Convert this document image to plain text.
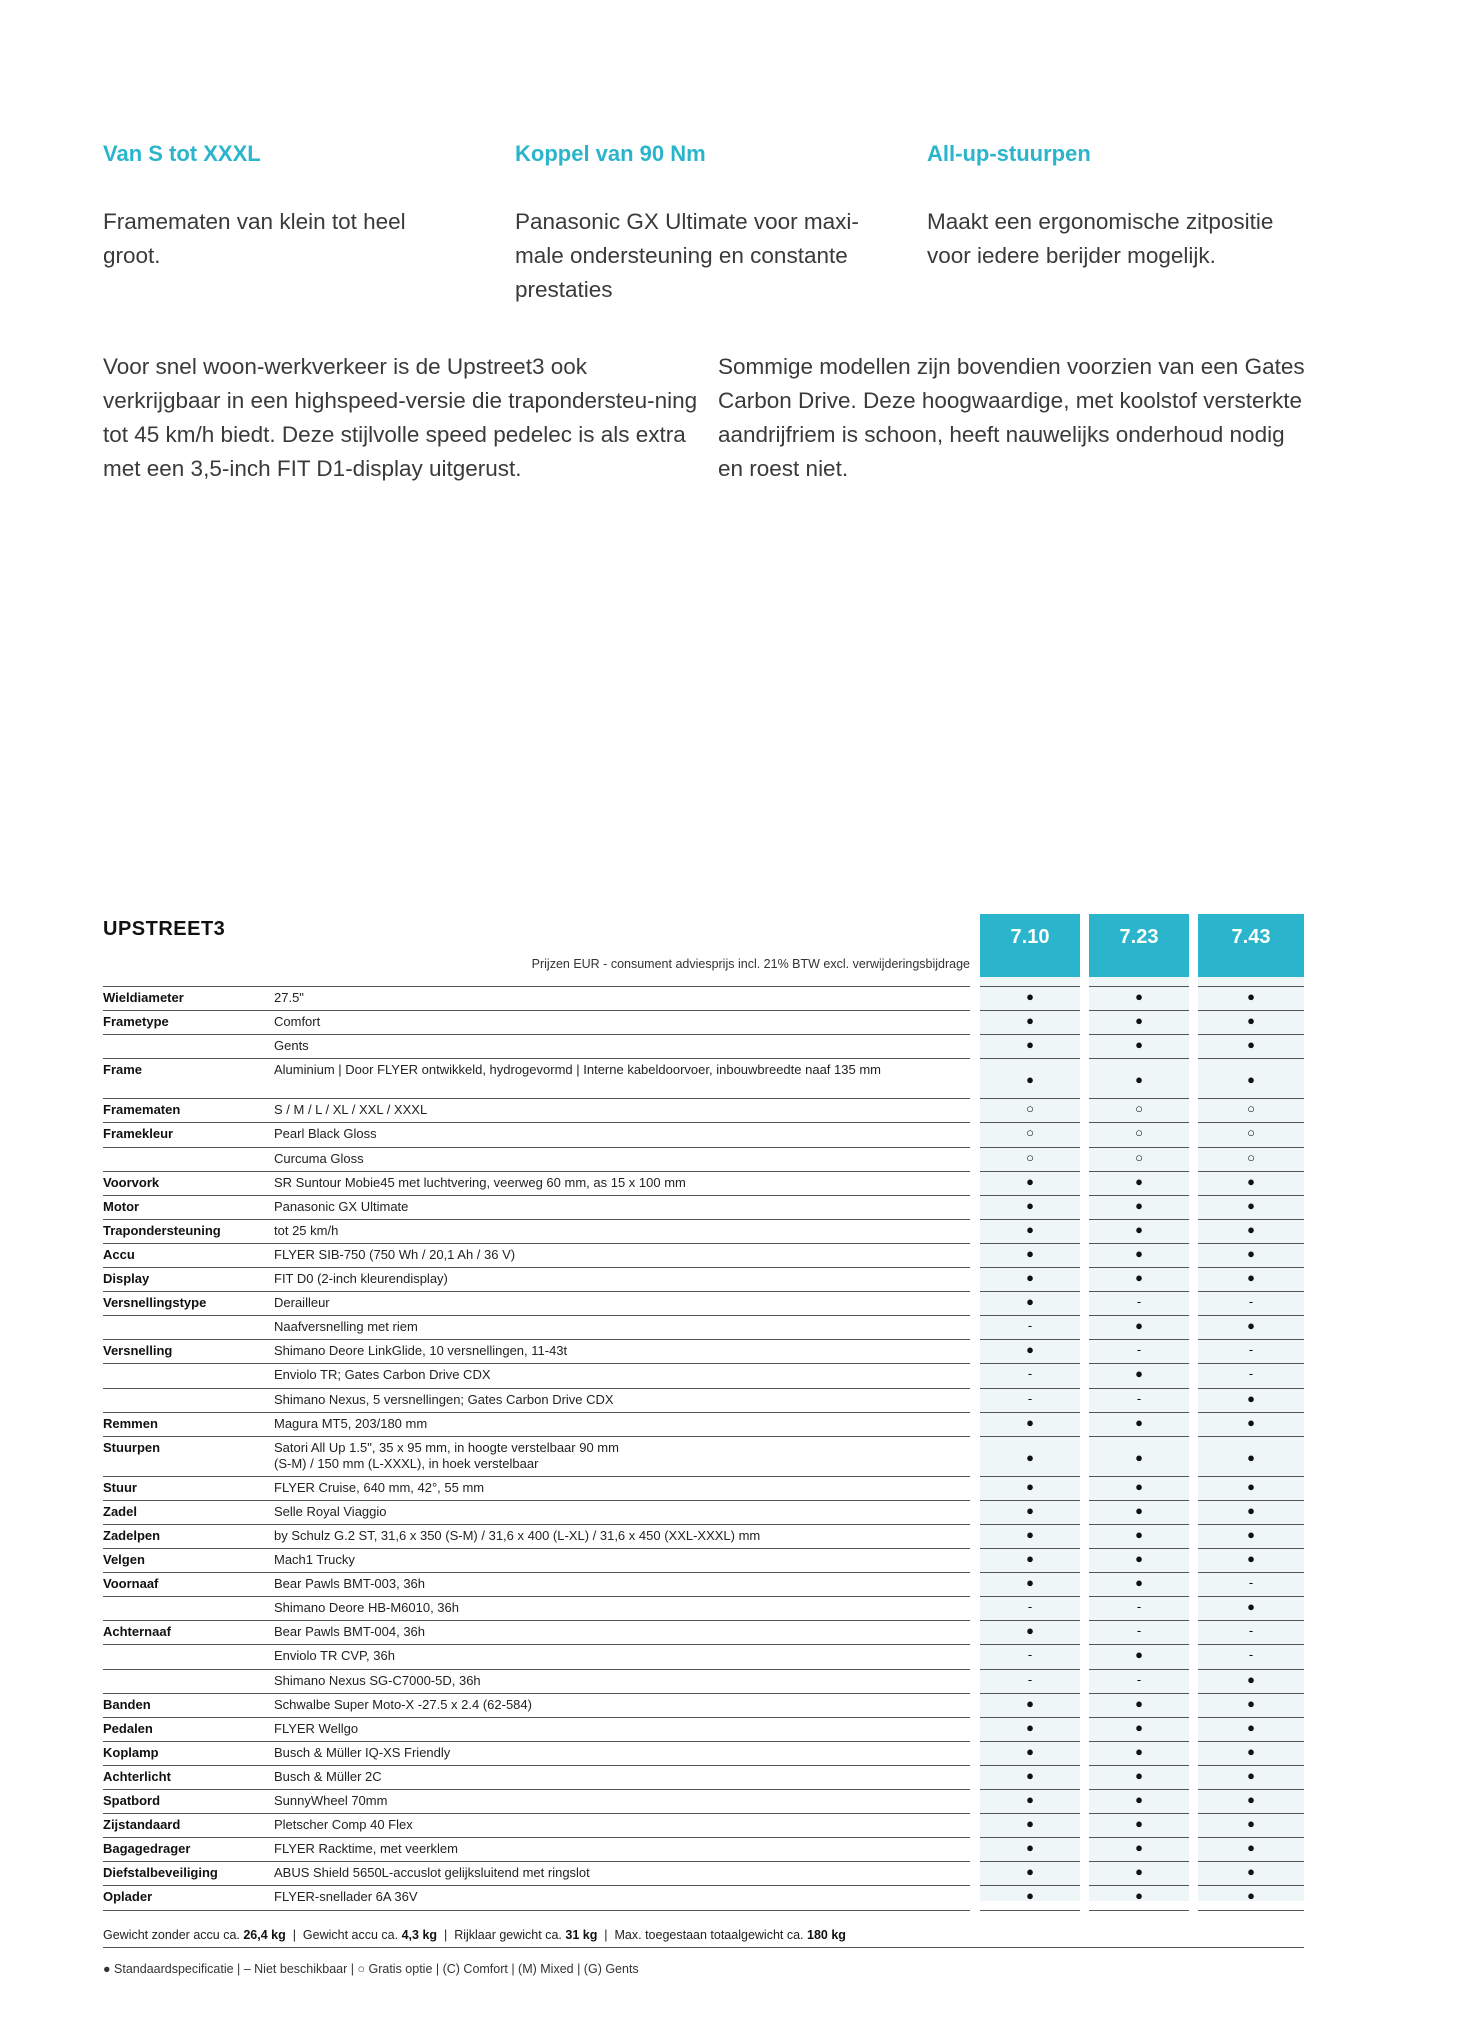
Van S tot XXXL

Framematen van klein tot heel groot.

Koppel van 90 Nm

Panasonic GX Ultimate voor maxi-male ondersteuning en constante prestaties

All-up-stuurpen

Maakt een ergonomische zitpositie voor iedere berijder mogelijk.

Voor snel woon-werkverkeer is de Upstreet3 ook verkrijgbaar in een highspeed-versie die trapondersteu-ning tot 45 km/h biedt. Deze stijlvolle speed pedelec is als extra met een 3,5-inch FIT D1-display uitgerust.

Sommige modellen zijn bovendien voorzien van een Gates Carbon Drive. Deze hoogwaardige, met koolstof versterkte aandrijfriem is schoon, heeft nauwelijks onderhoud nodig en roest niet.

UPSTREET3
Prijzen EUR - consument adviesprijs incl. 21% BTW excl. verwijderingsbijdrage
7.10	7.23	7.43
Wieldiameter	27.5"	●	●	●
Frametype	Comfort	●	●	●
Gents	●	●	●
Frame	Aluminium | Door FLYER ontwikkeld, hydrogevormd | Interne kabeldoorvoer, inbouwbreedte naaf 135 mm
●	●	●
Framematen	S / M / L / XL / XXL / XXXL	○	○	○
Framekleur	Pearl Black Gloss	○	○	○
Curcuma Gloss	○	○	○
Voorvork	SR Suntour Mobie45 met luchtvering, veerweg 60 mm, as 15 x 100 mm	●	●	●
Motor	Panasonic GX Ultimate	●	●	●
Trapondersteuning	tot 25 km/h	●	●	●
Accu	FLYER SIB-750 (750 Wh / 20,1 Ah / 36 V)	●	●	●
Display	FIT D0 (2-inch kleurendisplay)	●	●	●
Versnellingstype	Derailleur	●	-	-
Naafversnelling met riem	-	●	●
Versnelling	Shimano Deore LinkGlide, 10 versnellingen, 11-43t	●	-	-
Enviolo TR; Gates Carbon Drive CDX	-	●	-
Shimano Nexus, 5 versnellingen; Gates Carbon Drive CDX	-	-	●
Remmen	Magura MT5, 203/180 mm	●	●	●
Stuurpen	Satori All Up 1.5", 35 x 95 mm, in hoogte verstelbaar 90 mm
(S-M) / 150 mm (L-XXXL), in hoek verstelbaar	●	●	●
Stuur	FLYER Cruise, 640 mm, 42°, 55 mm	●	●	●
Zadel	Selle Royal Viaggio	●	●	●
Zadelpen	by Schulz G.2 ST, 31,6 x 350 (S-M) / 31,6 x 400 (L-XL) / 31,6 x 450 (XXL-XXXL) mm	●	●	●
Velgen	Mach1 Trucky	●	●	●
Voornaaf	Bear Pawls BMT-003, 36h	●	●	-
Shimano Deore HB-M6010, 36h	-	-	●
Achternaaf	Bear Pawls BMT-004, 36h	●	-	-
Enviolo TR CVP, 36h	-	●	-
Shimano Nexus SG-C7000-5D, 36h	-	-	●
Banden	Schwalbe Super Moto-X -27.5 x 2.4 (62-584)	●	●	●
Pedalen	FLYER Wellgo	●	●	●
Koplamp	Busch & Müller IQ-XS Friendly	●	●	●
Achterlicht	Busch & Müller 2C	●	●	●
Spatbord	SunnyWheel 70mm	●	●	●
Zijstandaard	Pletscher Comp 40 Flex	●	●	●
Bagagedrager	FLYER Racktime, met veerklem	●	●	●
Diefstalbeveiliging	ABUS Shield 5650L-accuslot gelijksluitend met ringslot	●	●	●
Oplader	FLYER-snellader 6A 36V	●	●	●
Gewicht zonder accu ca. 26,4 kg  |  Gewicht accu ca. 4,3 kg  |  Rijklaar gewicht ca. 31 kg  |  Max. toegestaan totaalgewicht ca. 180 kg
● Standaardspecificatie | – Niet beschikbaar | ○ Gratis optie | (C) Comfort | (M) Mixed | (G) Gents
